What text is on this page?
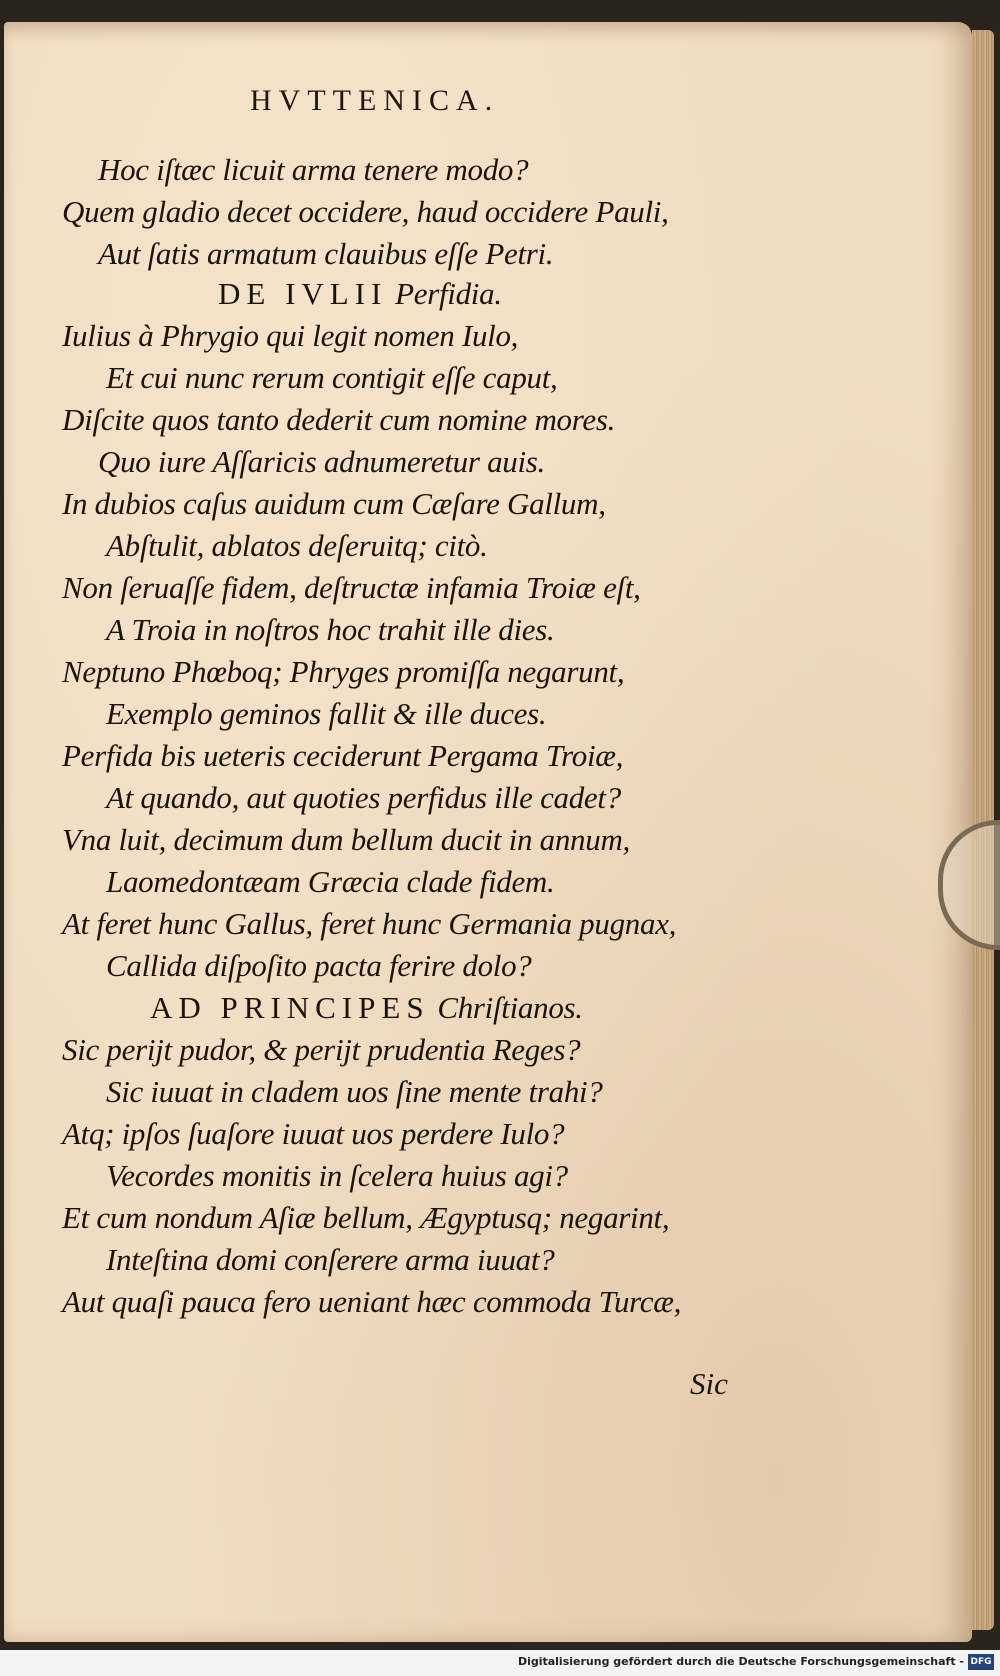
HVTTENICA.
Hoc iſtæc licuit arma tenere modo?
Quem gladio decet occidere, haud occidere Pauli,
Aut ſatis armatum clauibus eſſe Petri.
DE IVLII Perfidia.
Iulius à Phrygio qui legit nomen Iulo,
Et cui nunc rerum contigit eſſe caput,
Diſcite quos tanto dederit cum nomine mores.
Quo iure Aſſaricis adnumeretur auis.
In dubios caſus auidum cum Cæſare Gallum,
Abſtulit, ablatos deſeruitq; citò.
Non ſeruaſſe fidem, deſtructæ infamia Troiæ eſt,
A Troia in noſtros hoc trahit ille dies.
Neptuno Phœboq; Phryges promiſſa negarunt,
Exemplo geminos fallit & ille duces.
Perfida bis ueteris ceciderunt Pergama Troiæ,
At quando, aut quoties perfidus ille cadet?
Vna luit, decimum dum bellum ducit in annum,
Laomedontæam Græcia clade fidem.
At feret hunc Gallus, feret hunc Germania pugnax,
Callida diſpoſito pacta ferire dolo?
AD PRINCIPES Chriſtianos.
Sic perijt pudor, & perijt prudentia Reges?
Sic iuuat in cladem uos ſine mente trahi?
Atq; ipſos ſuaſore iuuat uos perdere Iulo?
Vecordes monitis in ſcelera huius agi?
Et cum nondum Aſiæ bellum, Ægyptusq; negarint,
Inteſtina domi conſerere arma iuuat?
Aut quaſi pauca fero ueniant hæc commoda Turcæ,
Sic
Digitalisierung gefördert durch die Deutsche Forschungsgemeinschaft - DFG
